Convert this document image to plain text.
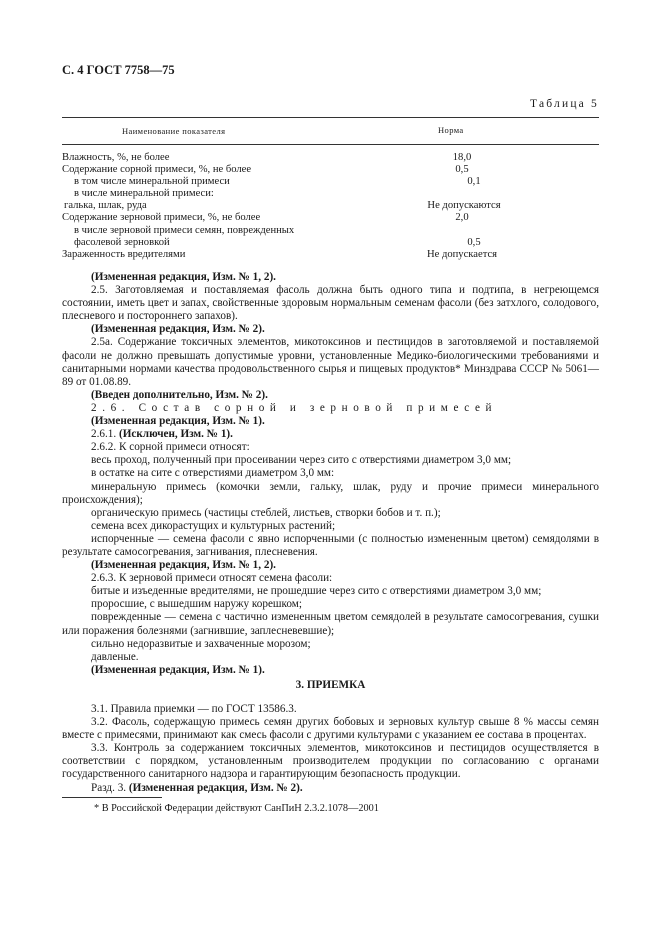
С. 4 ГОСТ 7758—75
Таблица 5
Наименование показателя	Норма
Влажность, %, не более	18,0
Содержание сорной примеси, %, не более	0,5
в том числе минеральной примеси	0,1
в числе минеральной примеси:
галька, шлак, руда	Не допускаются
Содержание зерновой примеси, %, не более	2,0
в числе зерновой примеси семян, поврежденных
фасолевой зерновкой	0,5
Зараженность вредителями	Не допускается
(Измененная редакция, Изм. № 1, 2).
2.5. Заготовляемая и поставляемая фасоль должна быть одного типа и подтипа, в негреющемся состоянии, иметь цвет и запах, свойственные здоровым нормальным семенам фасоли (без затхлого, солодового, плесневого и постороннего запахов).
(Измененная редакция, Изм. № 2).
2.5а. Содержание токсичных элементов, микотоксинов и пестицидов в заготовляемой и поставляемой фасоли не должно превышать допустимые уровни, установленные Медико-биологическими требованиями и санитарными нормами качества продовольственного сырья и пищевых продуктов* Минздрава СССР № 5061—89 от 01.08.89.
(Введен дополнительно, Изм. № 2).
2.6. Состав сорной и зерновой примесей
(Измененная редакция, Изм. № 1).
2.6.1. (Исключен, Изм. № 1).
2.6.2. К сорной примеси относят:
весь проход, полученный при просеивании через сито с отверстиями диаметром 3,0 мм;
в остатке на сите с отверстиями диаметром 3,0 мм:
минеральную примесь (комочки земли, гальку, шлак, руду и прочие примеси минерального происхождения);
органическую примесь (частицы стеблей, листьев, створки бобов и т. п.);
семена всех дикорастущих и культурных растений;
испорченные — семена фасоли с явно испорченными (с полностью измененным цветом) семядолями в результате самосогревания, загнивания, плесневения.
(Измененная редакция, Изм. № 1, 2).
2.6.3. К зерновой примеси относят семена фасоли:
битые и изъеденные вредителями, не прошедшие через сито с отверстиями диаметром 3,0 мм;
проросшие, с вышедшим наружу корешком;
поврежденные — семена с частично измененным цветом семядолей в результате самосогревания, сушки или поражения болезнями (загнившие, заплесневевшие);
сильно недоразвитые и захваченные морозом;
давленые.
(Измененная редакция, Изм. № 1).
3. ПРИЕМКА
3.1. Правила приемки — по ГОСТ 13586.3.
3.2. Фасоль, содержащую примесь семян других бобовых и зерновых культур свыше 8 % массы семян вместе с примесями, принимают как смесь фасоли с другими культурами с указанием ее состава в процентах.
3.3. Контроль за содержанием токсичных элементов, микотоксинов и пестицидов осуществляется в соответствии с порядком, установленным производителем продукции по согласованию с органами государственного санитарного надзора и гарантирующим безопасность продукции.
Разд. 3. (Измененная редакция, Изм. № 2).
* В Российской Федерации действуют СанПиН 2.3.2.1078—2001
